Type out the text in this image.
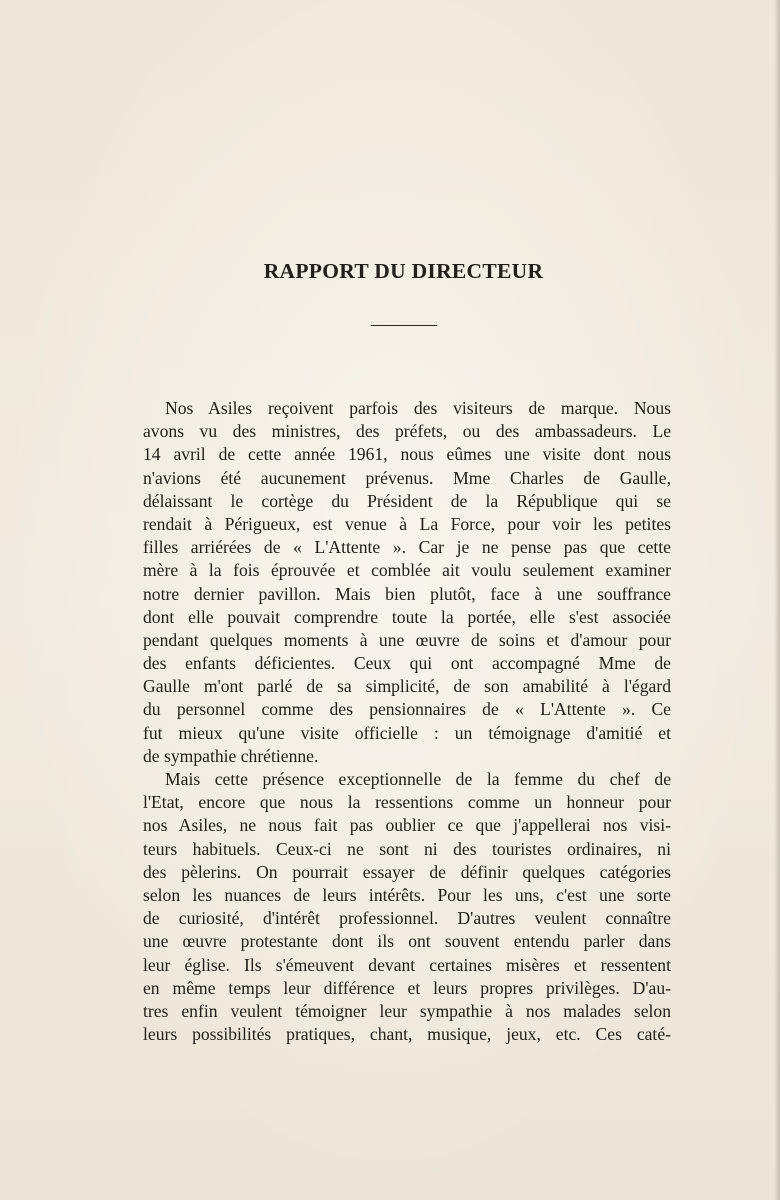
RAPPORT DU DIRECTEUR
Nos Asiles reçoivent parfois des visiteurs de marque. Nous
avons vu des ministres, des préfets, ou des ambassadeurs. Le
14 avril de cette année 1961, nous eûmes une visite dont nous
n'avions été aucunement prévenus. Mme Charles de Gaulle,
délaissant le cortège du Président de la République qui se
rendait à Périgueux, est venue à La Force, pour voir les petites
filles arriérées de « L'Attente ». Car je ne pense pas que cette
mère à la fois éprouvée et comblée ait voulu seulement examiner
notre dernier pavillon. Mais bien plutôt, face à une souffrance
dont elle pouvait comprendre toute la portée, elle s'est associée
pendant quelques moments à une œuvre de soins et d'amour pour
des enfants déficientes. Ceux qui ont accompagné Mme de
Gaulle m'ont parlé de sa simplicité, de son amabilité à l'égard
du personnel comme des pensionnaires de « L'Attente ». Ce
fut mieux qu'une visite officielle : un témoignage d'amitié et
de sympathie chrétienne.
Mais cette présence exceptionnelle de la femme du chef de
l'Etat, encore que nous la ressentions comme un honneur pour
nos Asiles, ne nous fait pas oublier ce que j'appellerai nos visi-
teurs habituels. Ceux-ci ne sont ni des touristes ordinaires, ni
des pèlerins. On pourrait essayer de définir quelques catégories
selon les nuances de leurs intérêts. Pour les uns, c'est une sorte
de curiosité, d'intérêt professionnel. D'autres veulent connaître
une œuvre protestante dont ils ont souvent entendu parler dans
leur église. Ils s'émeuvent devant certaines misères et ressentent
en même temps leur différence et leurs propres privilèges. D'au-
tres enfin veulent témoigner leur sympathie à nos malades selon
leurs possibilités pratiques, chant, musique, jeux, etc. Ces caté-
